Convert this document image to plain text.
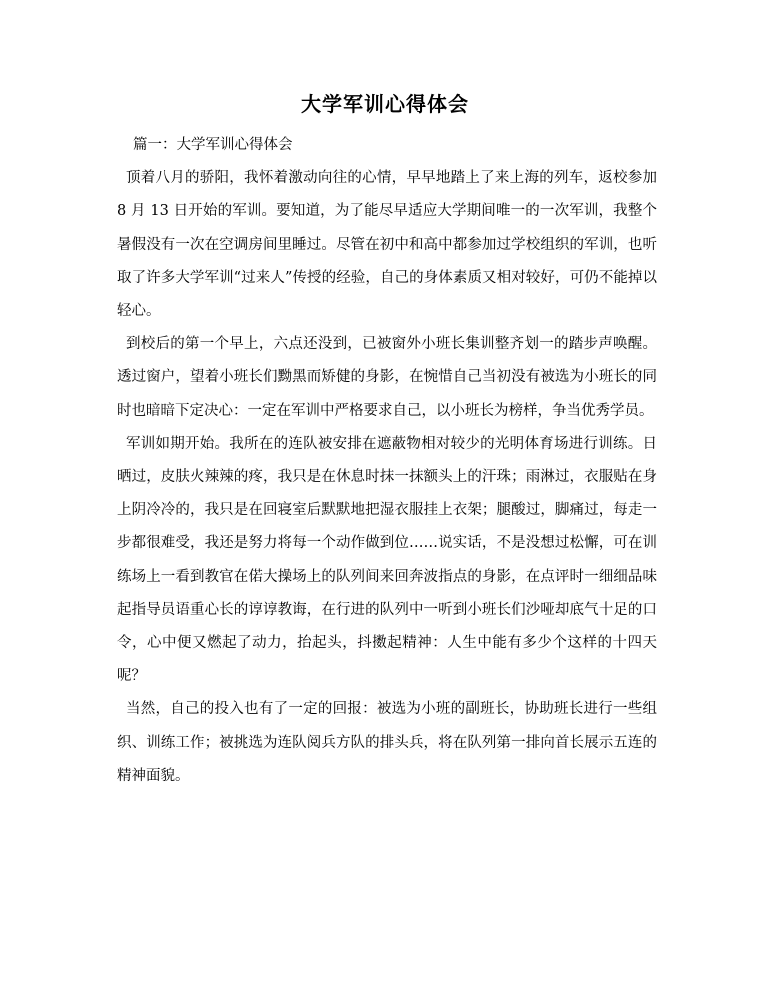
大学军训心得体会

篇一：大学军训心得体会

顶着八月的骄阳，我怀着激动向往的心情，早早地踏上了来上海的列车，返校参加 8 月 13 日开始的军训。要知道，为了能尽早适应大学期间唯一的一次军训，我整个暑假没有一次在空调房间里睡过。尽管在初中和高中都参加过学校组织的军训，也听取了许多大学军训“过来人”传授的经验，自己的身体素质又相对较好，可仍不能掉以轻心。

到校后的第一个早上，六点还没到，已被窗外小班长集训整齐划一的踏步声唤醒。透过窗户，望着小班长们黝黑而矫健的身影，在惋惜自己当初没有被选为小班长的同时也暗暗下定决心：一定在军训中严格要求自己，以小班长为榜样，争当优秀学员。

军训如期开始。我所在的连队被安排在遮蔽物相对较少的光明体育场进行训练。日晒过，皮肤火辣辣的疼，我只是在休息时抹一抹额头上的汗珠；雨淋过，衣服贴在身上阴冷冷的，我只是在回寝室后默默地把湿衣服挂上衣架；腿酸过，脚痛过，每走一步都很难受，我还是努力将每一个动作做到位……说实话，不是没想过松懈，可在训练场上一看到教官在偌大操场上的队列间来回奔波指点的身影，在点评时一细细品味起指导员语重心长的谆谆教诲，在行进的队列中一听到小班长们沙哑却底气十足的口令，心中便又燃起了动力，抬起头，抖擞起精神：人生中能有多少个这样的十四天呢？

当然，自己的投入也有了一定的回报：被选为小班的副班长，协助班长进行一些组织、训练工作；被挑选为连队阅兵方队的排头兵，将在队列第一排向首长展示五连的精神面貌。
